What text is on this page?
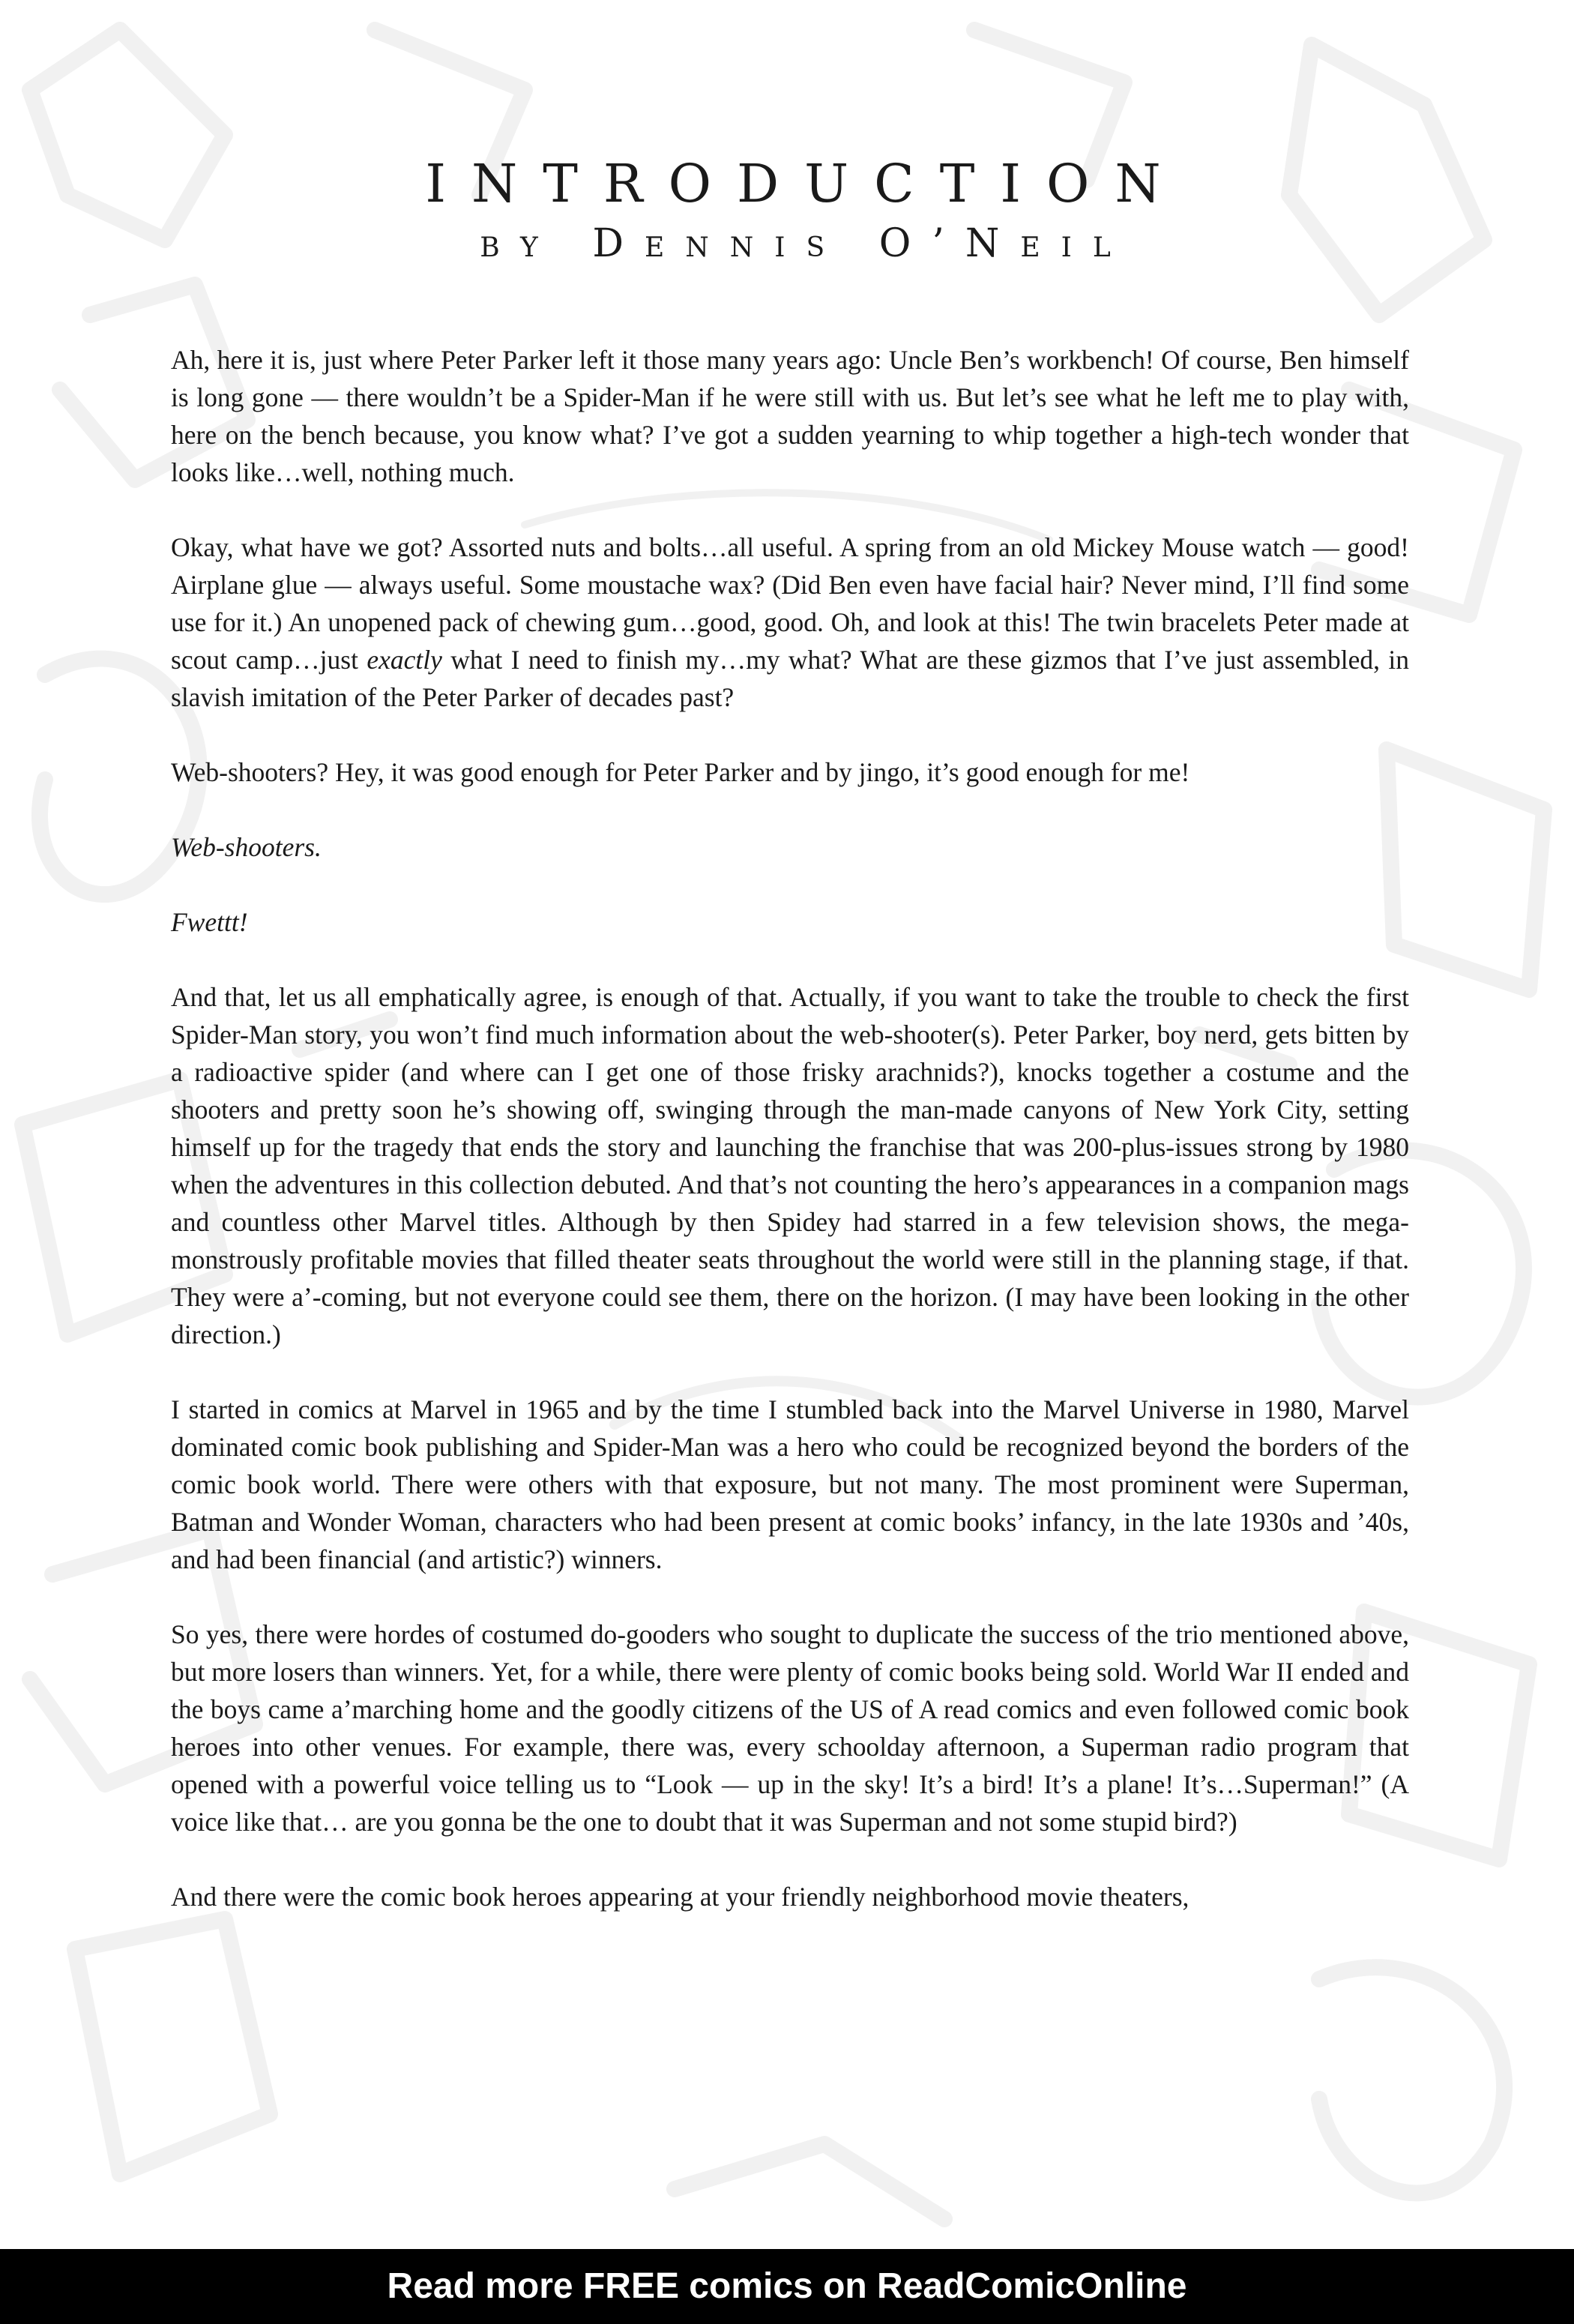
INTRODUCTION
by Dennis O’Neil

Ah, here it is, just where Peter Parker left it those many years ago: Uncle Ben’s workbench! Of course, Ben himself is long gone — there wouldn’t be a Spider-Man if he were still with us. But let’s see what he left me to play with, here on the bench because, you know what? I’ve got a sudden yearning to whip together a high-tech wonder that looks like…well, nothing much.

Okay, what have we got? Assorted nuts and bolts…all useful. A spring from an old Mickey Mouse watch — good! Airplane glue — always useful. Some moustache wax? (Did Ben even have facial hair? Never mind, I’ll find some use for it.) An unopened pack of chewing gum…good, good. Oh, and look at this! The twin bracelets Peter made at scout camp…just exactly what I need to finish my…my what? What are these gizmos that I’ve just assembled, in slavish imitation of the Peter Parker of decades past?

Web-shooters? Hey, it was good enough for Peter Parker and by jingo, it’s good enough for me!

Web-shooters.

Fwettt!

And that, let us all emphatically agree, is enough of that. Actually, if you want to take the trouble to check the first Spider-Man story, you won’t find much information about the web-shooter(s). Peter Parker, boy nerd, gets bitten by a radioactive spider (and where can I get one of those frisky arachnids?), knocks together a costume and the shooters and pretty soon he’s showing off, swinging through the man-made canyons of New York City, setting himself up for the tragedy that ends the story and launching the franchise that was 200-plus-issues strong by 1980 when the adventures in this collection debuted. And that’s not counting the hero’s appearances in a companion mags and countless other Marvel titles. Although by then Spidey had starred in a few television shows, the mega-monstrously profitable movies that filled theater seats throughout the world were still in the planning stage, if that. They were a’-coming, but not everyone could see them, there on the horizon. (I may have been looking in the other direction.)

I started in comics at Marvel in 1965 and by the time I stumbled back into the Marvel Universe in 1980, Marvel dominated comic book publishing and Spider-Man was a hero who could be recognized beyond the borders of the comic book world. There were others with that exposure, but not many. The most prominent were Superman, Batman and Wonder Woman, characters who had been present at comic books’ infancy, in the late 1930s and ’40s, and had been financial (and artistic?) winners.

So yes, there were hordes of costumed do-gooders who sought to duplicate the success of the trio mentioned above, but more losers than winners. Yet, for a while, there were plenty of comic books being sold. World War II ended and the boys came a’marching home and the goodly citizens of the US of A read comics and even followed comic book heroes into other venues. For example, there was, every schoolday afternoon, a Superman radio program that opened with a powerful voice telling us to “Look — up in the sky! It’s a bird! It’s a plane! It’s…Superman!” (A voice like that… are you gonna be the one to doubt that it was Superman and not some stupid bird?)

And there were the comic book heroes appearing at your friendly neighborhood movie theaters,

Read more FREE comics on ReadComicOnline
